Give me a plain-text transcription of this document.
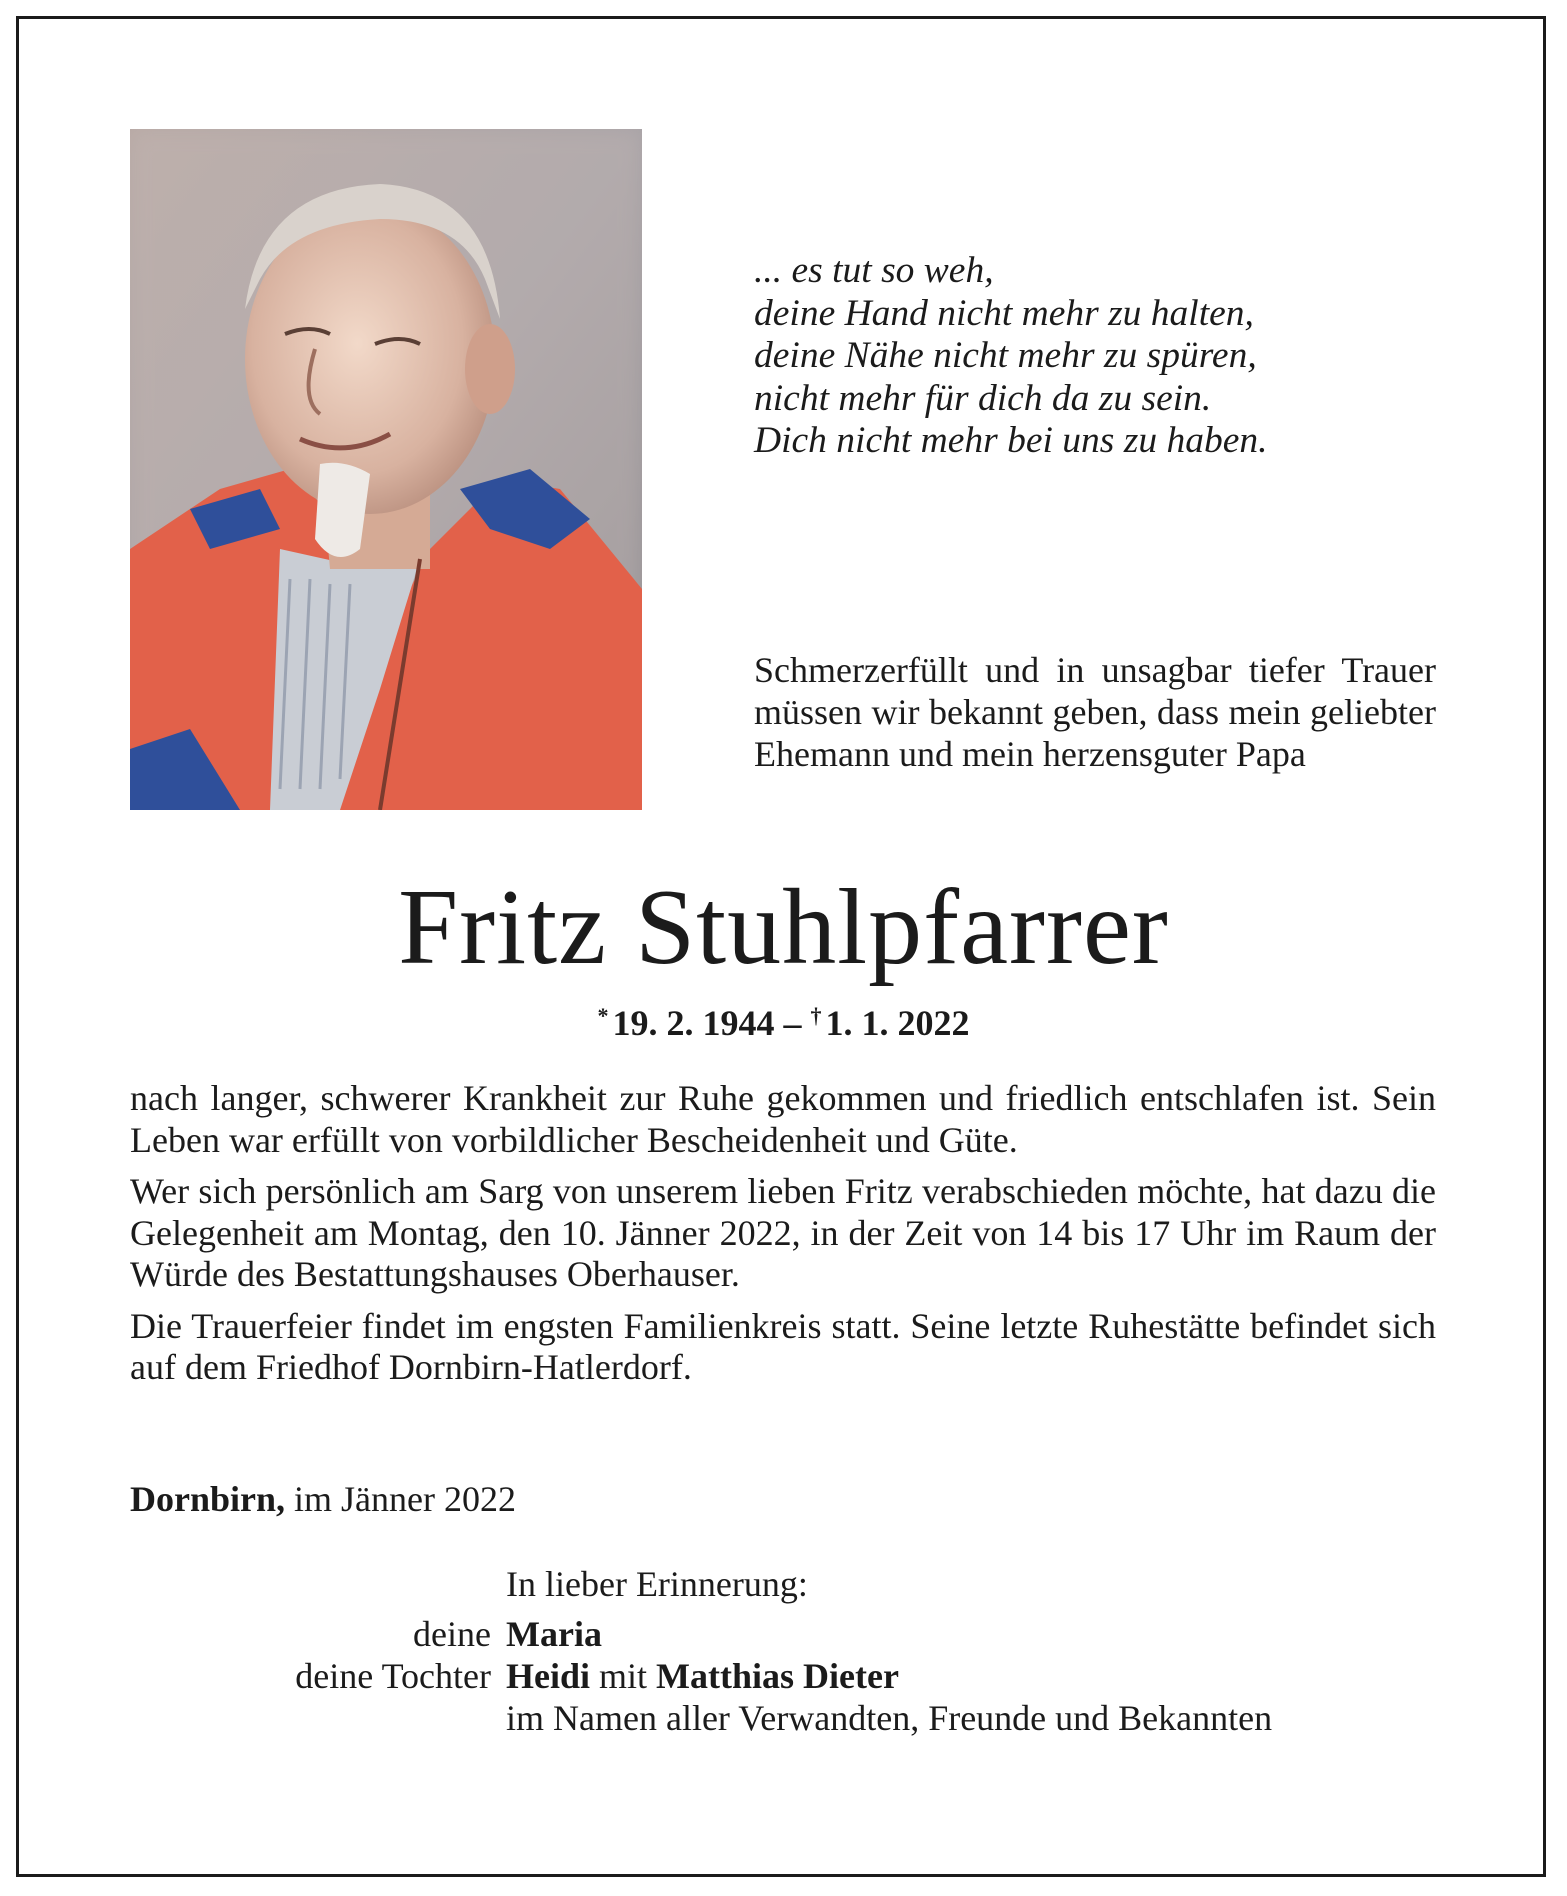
... es tut so weh,
deine Hand nicht mehr zu halten,
deine Nähe nicht mehr zu spüren,
nicht mehr für dich da zu sein.
Dich nicht mehr bei uns zu haben.
Schmerzerfüllt und in unsagbar tiefer Trauer müssen wir bekannt geben, dass mein geliebter Ehemann und mein herzensguter Papa
Fritz Stuhlpfarrer
* 19. 2. 1944 – † 1. 1. 2022

nach langer, schwerer Krankheit zur Ruhe gekommen und friedlich entschlafen ist. Sein Leben war erfüllt von vorbildlicher Bescheidenheit und Güte.

Wer sich persönlich am Sarg von unserem lieben Fritz verabschieden möchte, hat dazu die Gelegenheit am Montag, den 10. Jänner 2022, in der Zeit von 14 bis 17 Uhr im Raum der Würde des Bestattungshauses Oberhauser.

Die Trauerfeier findet im engsten Familienkreis statt. Seine letzte Ruhestätte befindet sich auf dem Friedhof Dornbirn-Hatlerdorf.

Dornbirn, im Jänner 2022
In lieber Erinnerung:
deine Maria
deine Tochter Heidi mit Matthias Dieter
im Namen aller Verwandten, Freunde und Bekannten
